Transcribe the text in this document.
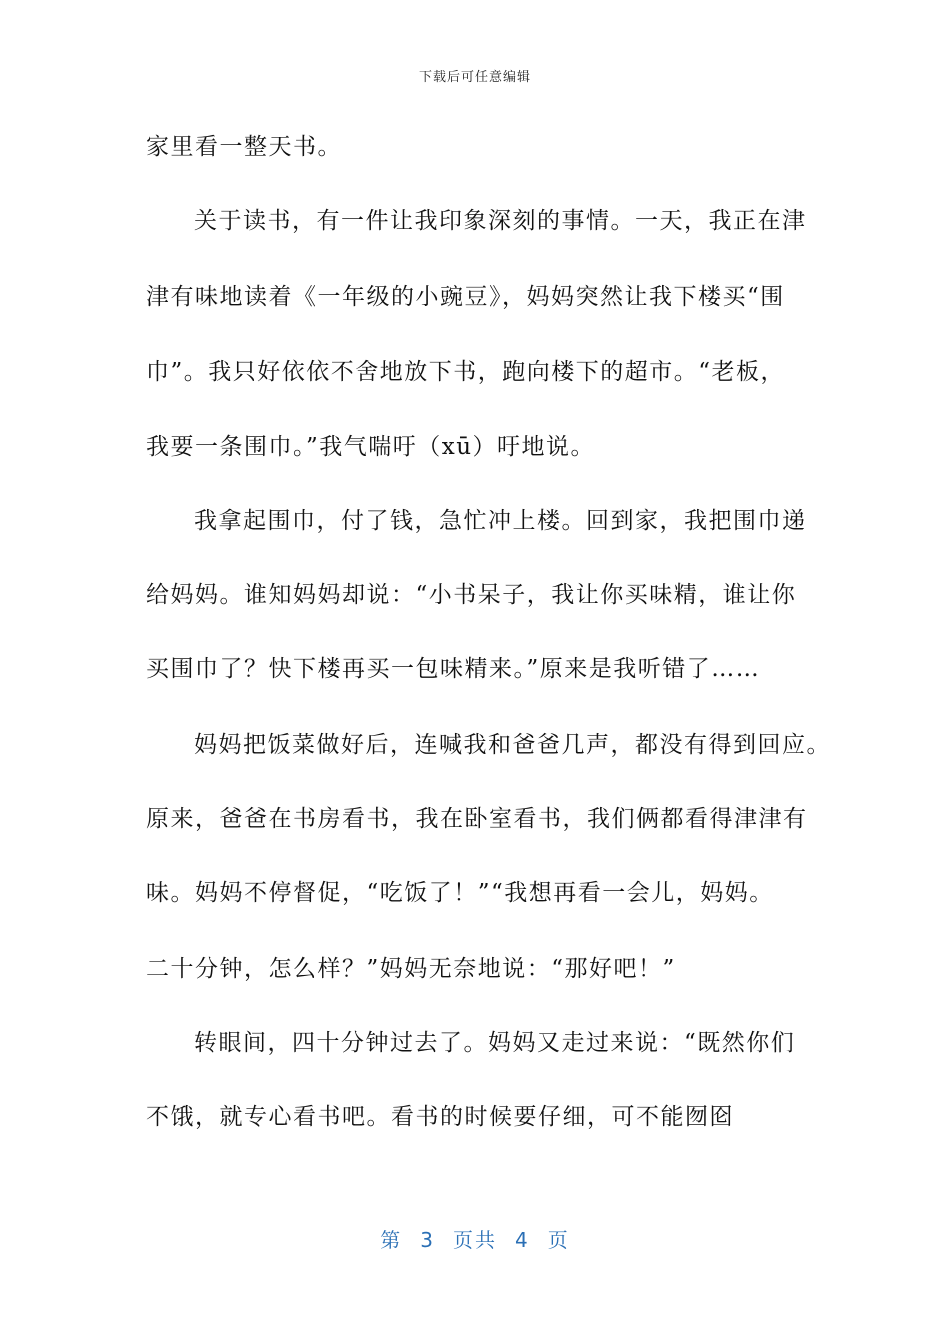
下载后可任意编辑
家里看一整天书。
关于读书，有一件让我印象深刻的事情。一天，我正在津
津有味地读着《一年级的小豌豆》，妈妈突然让我下楼买“围
巾”。我只好依依不舍地放下书，跑向楼下的超市。“老板，
我要一条围巾。”我气喘吁（xū）吁地说。
我拿起围巾，付了钱，急忙冲上楼。回到家，我把围巾递
给妈妈。谁知妈妈却说：“小书呆子，我让你买味精，谁让你
买围巾了？快下楼再买一包味精来。”原来是我听错了……
妈妈把饭菜做好后，连喊我和爸爸几声，都没有得到回应。
原来，爸爸在书房看书，我在卧室看书，我们俩都看得津津有
味。妈妈不停督促，“吃饭了！”“我想再看一会儿，妈妈。
二十分钟，怎么样？”妈妈无奈地说：“那好吧！”
转眼间，四十分钟过去了。妈妈又走过来说：“既然你们
不饿，就专心看书吧。看书的时候要仔细，可不能囫囵
第 3 页共 4 页
